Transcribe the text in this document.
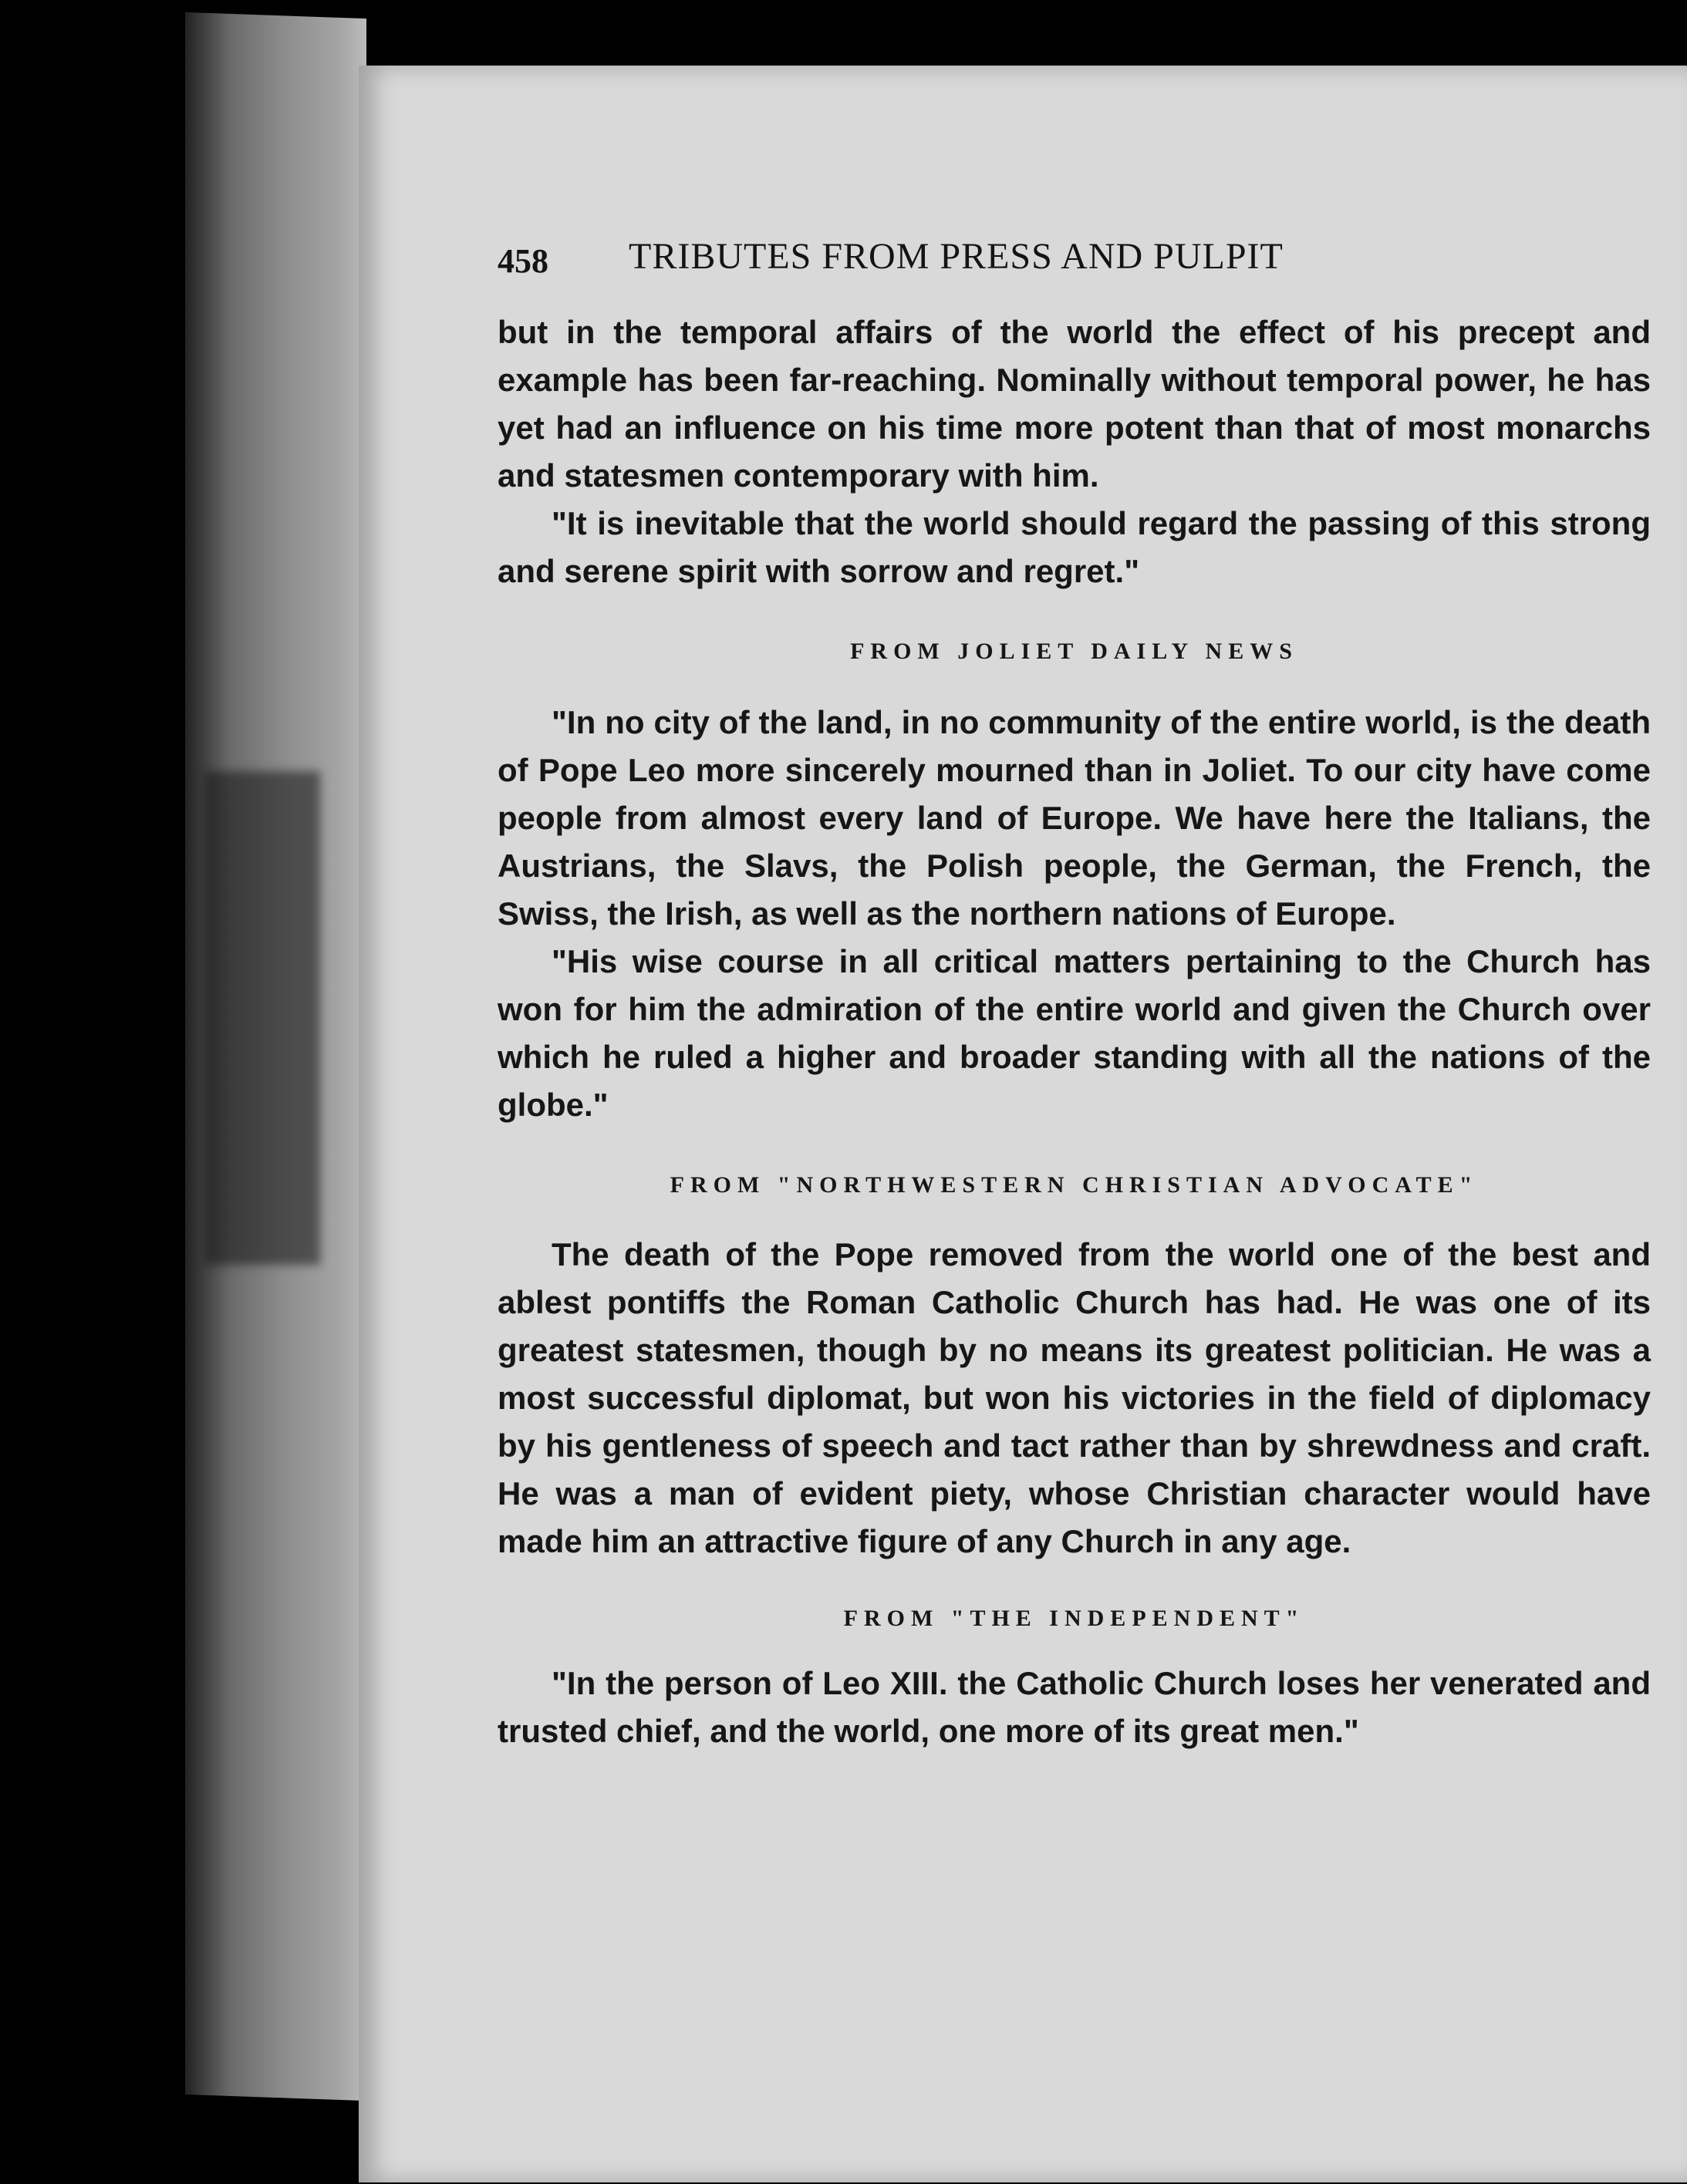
458 TRIBUTES FROM PRESS AND PULPIT

but in the temporal affairs of the world the effect of his precept and example has been far-reaching. Nominally without temporal power, he has yet had an influence on his time more potent than that of most monarchs and statesmen contemporary with him.

"It is inevitable that the world should regard the passing of this strong and serene spirit with sorrow and regret."

FROM JOLIET DAILY NEWS

"In no city of the land, in no community of the entire world, is the death of Pope Leo more sincerely mourned than in Joliet. To our city have come people from almost every land of Europe. We have here the Italians, the Austrians, the Slavs, the Polish people, the German, the French, the Swiss, the Irish, as well as the northern nations of Europe.

"His wise course in all critical matters pertaining to the Church has won for him the admiration of the entire world and given the Church over which he ruled a higher and broader standing with all the nations of the globe."

FROM "NORTHWESTERN CHRISTIAN ADVOCATE"

The death of the Pope removed from the world one of the best and ablest pontiffs the Roman Catholic Church has had. He was one of its greatest statesmen, though by no means its greatest politician. He was a most successful diplomat, but won his victories in the field of diplomacy by his gentleness of speech and tact rather than by shrewdness and craft. He was a man of evident piety, whose Christian character would have made him an attractive figure of any Church in any age.

FROM "THE INDEPENDENT"

"In the person of Leo XIII. the Catholic Church loses her venerated and trusted chief, and the world, one more of its great men."
